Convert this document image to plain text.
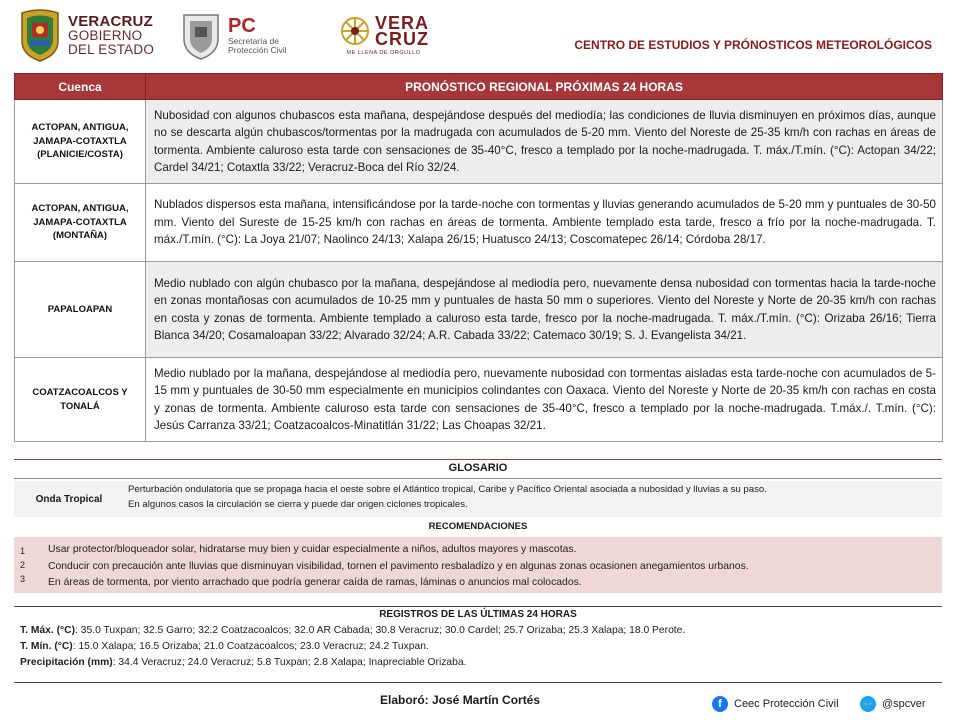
VERACRUZ
GOBIERNO
DEL ESTADO
PC
Secretaría de
Protección Civil
VERA
CRUZ
ME LLENA DE ORGULLO
CENTRO DE ESTUDIOS Y PRÓNOSTICOS METEOROLÓGICOS
Cuenca	PRONÓSTICO REGIONAL PRÓXIMAS 24 HORAS
ACTOPAN, ANTIGUA, JAMAPA-COTAXTLA (PLANICIE/COSTA)	Nubosidad con algunos chubascos esta mañana, despejándose después del mediodía; las condiciones de lluvia disminuyen en próximos días, aunque no se descarta algún chubascos/tormentas por la madrugada con acumulados de 5-20 mm. Viento del Noreste de 25-35 km/h con rachas en áreas de tormenta. Ambiente caluroso esta tarde con sensaciones de 35-40°C, fresco a templado por la noche-madrugada. T. máx./T.mín. (°C): Actopan 34/22; Cardel 34/21; Cotaxtla 33/22; Veracruz-Boca del Río 32/24.
ACTOPAN, ANTIGUA, JAMAPA-COTAXTLA (MONTAÑA)	Nublados dispersos esta mañana, intensificándose por la tarde-noche con tormentas y lluvias generando acumulados de 5-20 mm y puntuales de 30-50 mm. Viento del Sureste de 15-25 km/h con rachas en áreas de tormenta. Ambiente templado esta tarde, fresco a frío por la noche-madrugada. T. máx./T.mín. (°C): La Joya 21/07; Naolinco 24/13; Xalapa 26/15; Huatusco 24/13; Coscomatepec 26/14; Córdoba 28/17.
PAPALOAPAN	Medio nublado con algún chubasco por la mañana, despejándose al mediodía pero, nuevamente densa nubosidad con tormentas hacia la tarde-noche en zonas montañosas con acumulados de 10-25 mm y puntuales de hasta 50 mm o superiores. Viento del Noreste y Norte de 20-35 km/h con rachas en costa y zonas de tormenta. Ambiente templado a caluroso esta tarde, fresco por la noche-madrugada. T. máx./T.mín. (°C): Orizaba 26/16; Tierra Blanca 34/20; Cosamaloapan 33/22; Alvarado 32/24; A.R. Cabada 33/22; Catemaco 30/19; S. J. Evangelista 34/21.
COATZACOALCOS Y TONALÁ	Medio nublado por la mañana, despejándose al mediodía pero, nuevamente nubosidad con tormentas aisladas esta tarde-noche con acumulados de 5-15 mm y puntuales de 30-50 mm especialmente en municipios colindantes con Oaxaca. Viento del Noreste y Norte de 20-35 km/h con rachas en costa y zonas de tormenta. Ambiente caluroso esta tarde con sensaciones de 35-40°C, fresco a templado por la noche-madrugada. T.máx./. T.mín. (°C): Jesús Carranza 33/21; Coatzacoalcos-Minatitlán 31/22; Las Choapas 32/21.
GLOSARIO
Onda Tropical
Perturbación ondulatoria que se propaga hacia el oeste sobre el Atlántico tropical, Caribe y Pacífico Oriental asociada a nubosidad y lluvias a su paso.
En algunos casos la circulación se cierra y puede dar origen ciclones tropicales.
RECOMENDACIONES
1
2
3
Usar protector/bloqueador solar, hidratarse muy bien y cuidar especialmente a niños, adultos mayores y mascotas.
Conducir con precaución ante lluvias que disminuyan visibilidad, tornen el pavimento resbaladizo y en algunas zonas ocasionen anegamientos urbanos.
En áreas de tormenta, por viento arrachado que podría generar caída de ramas, láminas o anuncios mal colocados.
REGISTROS DE LAS ÚLTIMAS 24 HORAS
T. Máx. (°C): 35.0 Tuxpan; 32.5 Garro; 32.2 Coatzacoalcos; 32.0 AR Cabada; 30.8 Veracruz; 30.0 Cardel; 25.7 Orizaba; 25.3 Xalapa; 18.0 Perote.
T. Mín. (°C): 15.0 Xalapa; 16.5 Orizaba; 21.0 Coatzacoalcos; 23.0 Veracruz; 24.2 Tuxpan.
Precipitación (mm): 34.4 Veracruz; 24.0 Veracruz; 5.8 Tuxpan; 2.8 Xalapa; Inapreciable Orizaba.
Elaboró: José Martín Cortés	f	Ceec Protección Civil	🐦 @spcver
